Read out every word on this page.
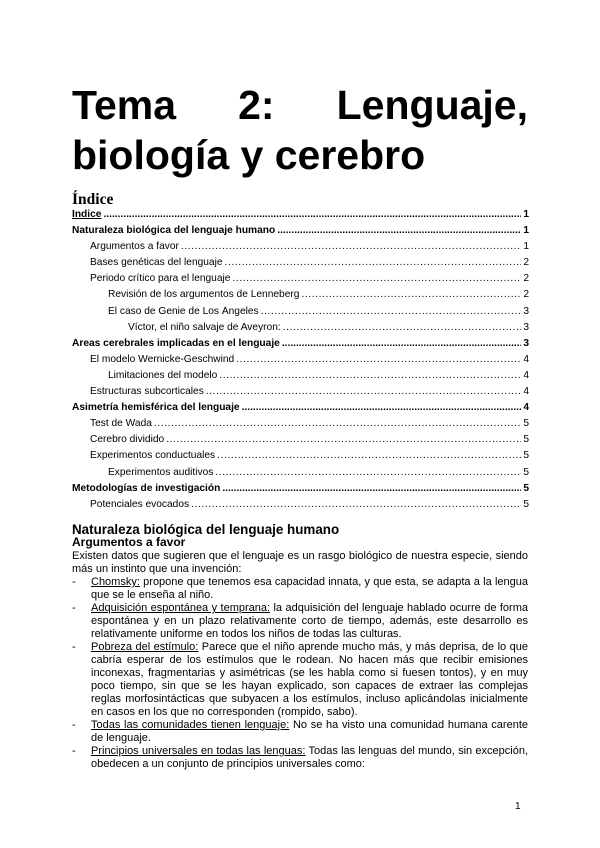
Tema 2: Lenguaje, biología y cerebro
Índice
Índice .....	1
Naturaleza biológica del lenguaje humano .....	1
Argumentos a favor .....	1
Bases genéticas del lenguaje .....	2
Periodo crítico para el lenguaje .....	2
Revisión de los argumentos de Lenneberg .....	2
El caso de Genie de Los Ángeles .....	3
Víctor, el niño salvaje de Aveyron: .....	3
Áreas cerebrales implicadas en el lenguaje .....	3
El modelo Wernicke-Geschwind .....	4
Limitaciones del modelo .....	4
Estructuras subcorticales .....	4
Asimetría hemisférica del lenguaje .....	4
Test de Wada .....	5
Cerebro dividido .....	5
Experimentos conductuales .....	5
Experimentos auditivos .....	5
Metodologías de investigación .....	5
Potenciales evocados .....	5
Naturaleza biológica del lenguaje humano
Argumentos a favor
Existen datos que sugieren que el lenguaje es un rasgo biológico de nuestra especie, siendo más un instinto que una invención:
- Chomsky: propone que tenemos esa capacidad innata, y que esta, se adapta a la lengua que se le enseña al niño.
- Adquisición espontánea y temprana: la adquisición del lenguaje hablado ocurre de forma espontánea y en un plazo relativamente corto de tiempo, además, este desarrollo es relativamente uniforme en todos los niños de todas las culturas.
- Pobreza del estímulo: Parece que el niño aprende mucho más, y más deprisa, de lo que cabría esperar de los estímulos que le rodean. No hacen más que recibir emisiones inconexas, fragmentarias y asimétricas (se les habla como si fuesen tontos), y en muy poco tiempo, sin que se les hayan explicado, son capaces de extraer las complejas reglas morfosintácticas que subyacen a los estímulos, incluso aplicándolas inicialmente en casos en los que no corresponden (rompido, sabo).
- Todas las comunidades tienen lenguaje: No se ha visto una comunidad humana carente de lenguaje.
- Principios universales en todas las lenguas: Todas las lenguas del mundo, sin excepción, obedecen a un conjunto de principios universales como:
1
